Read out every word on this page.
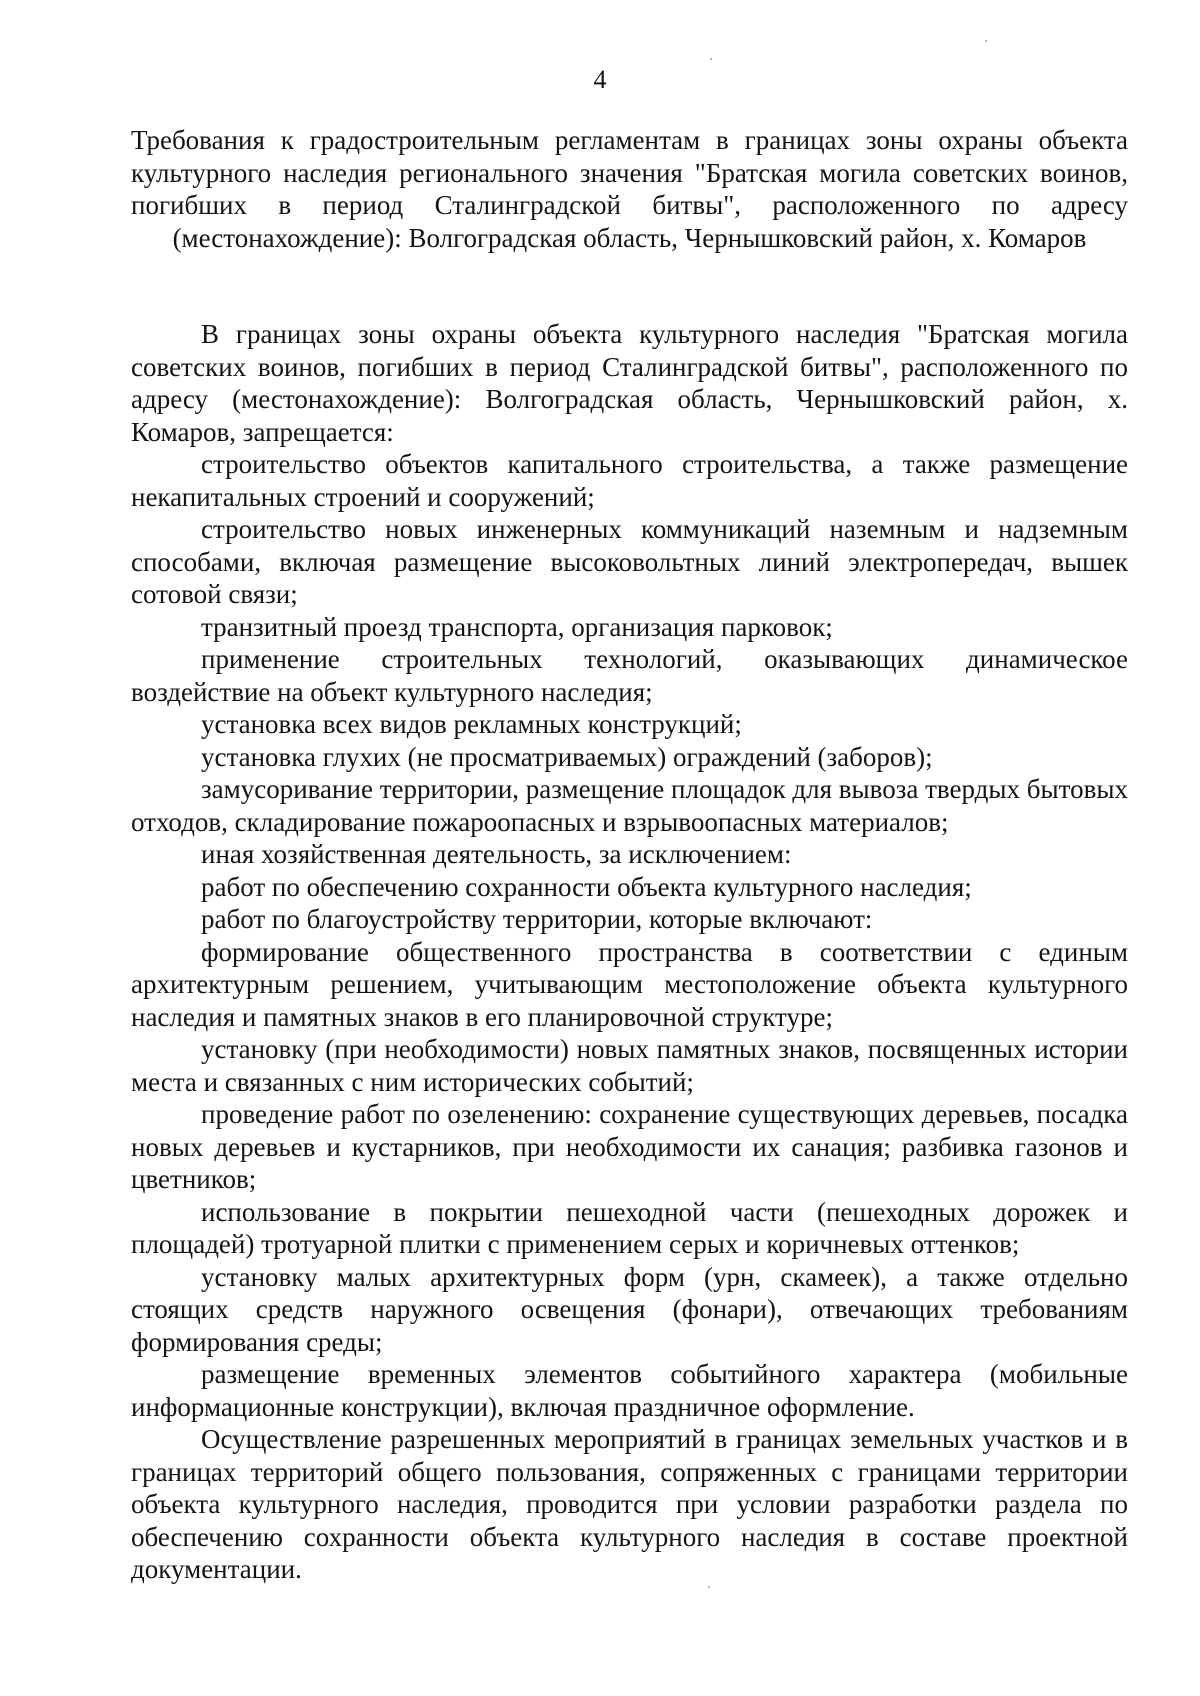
4

Требования к градостроительным регламентам в границах зоны охраны объекта культурного наследия регионального значения "Братская могила советских воинов, погибших в период Сталинградской битвы", расположенного по адресу (местонахождение): Волгоградская область, Чернышковский район, х. Комаров

В границах зоны охраны объекта культурного наследия "Братская могила советских воинов, погибших в период Сталинградской битвы", расположенного по адресу (местонахождение): Волгоградская область, Чернышковский район, х. Комаров, запрещается:

строительство объектов капитального строительства, а также размещение некапитальных строений и сооружений;

строительство новых инженерных коммуникаций наземным и надземным способами, включая размещение высоковольтных линий электропередач, вышек сотовой связи;

транзитный проезд транспорта, организация парковок;

применение строительных технологий, оказывающих динамическое воздействие на объект культурного наследия;

установка всех видов рекламных конструкций;

установка глухих (не просматриваемых) ограждений (заборов);

замусоривание территории, размещение площадок для вывоза твердых бытовых отходов, складирование пожароопасных и взрывоопасных материалов;

иная хозяйственная деятельность, за исключением:

работ по обеспечению сохранности объекта культурного наследия;

работ по благоустройству территории, которые включают:

формирование общественного пространства в соответствии с единым архитектурным решением, учитывающим местоположение объекта культурного наследия и памятных знаков в его планировочной структуре;

установку (при необходимости) новых памятных знаков, посвященных истории места и связанных с ним исторических событий;

проведение работ по озеленению: сохранение существующих деревьев, посадка новых деревьев и кустарников, при необходимости их санация; разбивка газонов и цветников;

использование в покрытии пешеходной части (пешеходных дорожек и площадей) тротуарной плитки с применением серых и коричневых оттенков;

установку малых архитектурных форм (урн, скамеек), а также отдельно стоящих средств наружного освещения (фонари), отвечающих требованиям формирования среды;

размещение временных элементов событийного характера (мобильные информационные конструкции), включая праздничное оформление.

Осуществление разрешенных мероприятий в границах земельных участков и в границах территорий общего пользования, сопряженных с границами территории объекта культурного наследия, проводится при условии разработки раздела по обеспечению сохранности объекта культурного наследия в составе проектной документации.
